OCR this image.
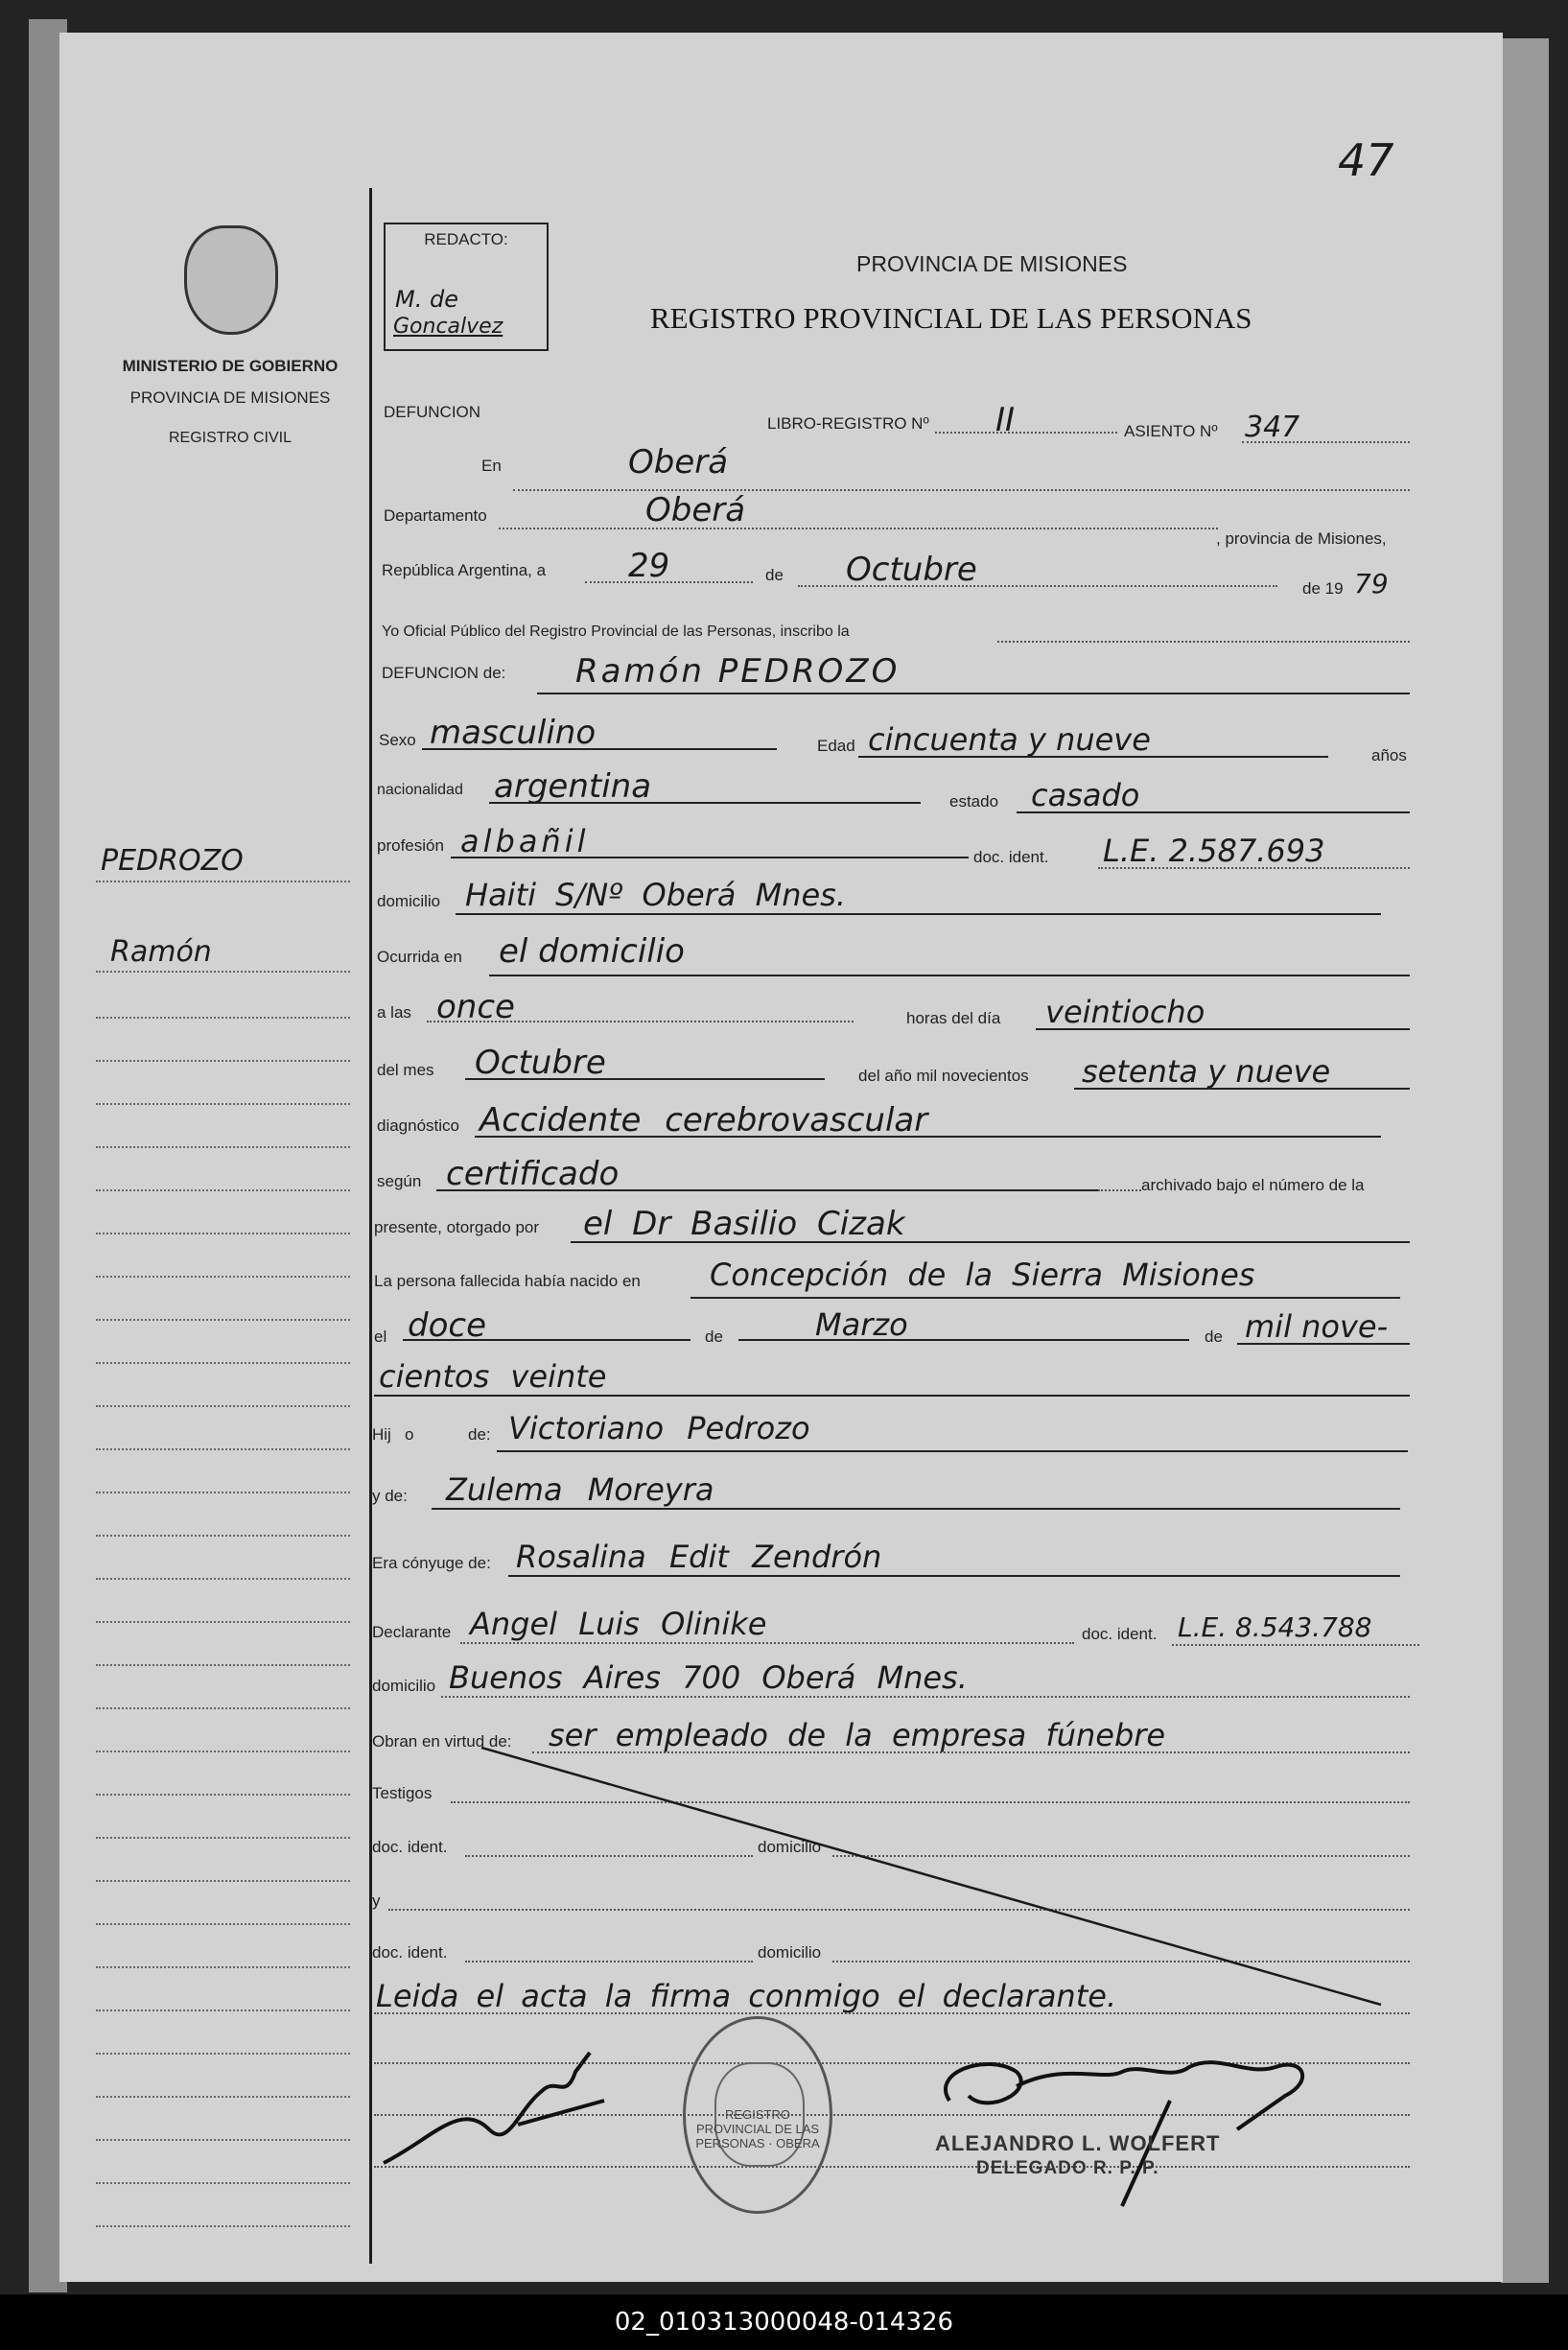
47
MINISTERIO DE GOBIERNO
PROVINCIA DE MISIONES
REGISTRO CIVIL
PEDROZO
Ramón
REDACTO:
M. de
Goncalvez
PROVINCIA DE MISIONES
REGISTRO PROVINCIAL DE LAS PERSONAS
DEFUNCION
LIBRO-REGISTRO Nº II	ASIENTO Nº 347
En	Oberá
Departamento	Oberá
, provincia de Misiones,
República Argentina, a	29	de Octubre	de 19 79
Yo Oficial Público del Registro Provincial de las Personas, inscribo la
DEFUNCION de: Ramón PEDROZO
Sexo masculino	Edad cincuenta y nueve	años
nacionalidad argentina	estado casado
profesión albañil	doc. ident. L.E. 2.587.693
domicilio Haiti S/Nº Oberá Mnes.
Ocurrida en el domicilio
a las once	horas del día veintiocho
del mes Octubre	del año mil novecientos setenta y nueve
diagnóstico Accidente cerebrovascular
según certificado	archivado bajo el número de la
presente, otorgado por el Dr Basilio Cizak
La persona fallecida había nacido en Concepción de la Sierra Misiones
el doce	de	Marzo	de mil nove-
cientos veinte
Hij o	de: Victoriano Pedrozo
y de: Zulema Moreyra
Era cónyuge de: Rosalina Edit Zendrón
Declarante Angel Luis Olinike	doc. ident. L.E. 8.543.788
domicilio Buenos Aires 700 Oberá Mnes.
Obran en virtud de: ser empleado de la empresa fúnebre
Testigos
doc. ident.	domicilio
y
doc. ident.	domicilio
Leida el acta la firma conmigo el declarante.
REGISTRO PROVINCIAL DE LAS PERSONAS · OBERA	ALEJANDRO L. WOLFERT
DELEGADO R. P. P.
02_010313000048-014326
